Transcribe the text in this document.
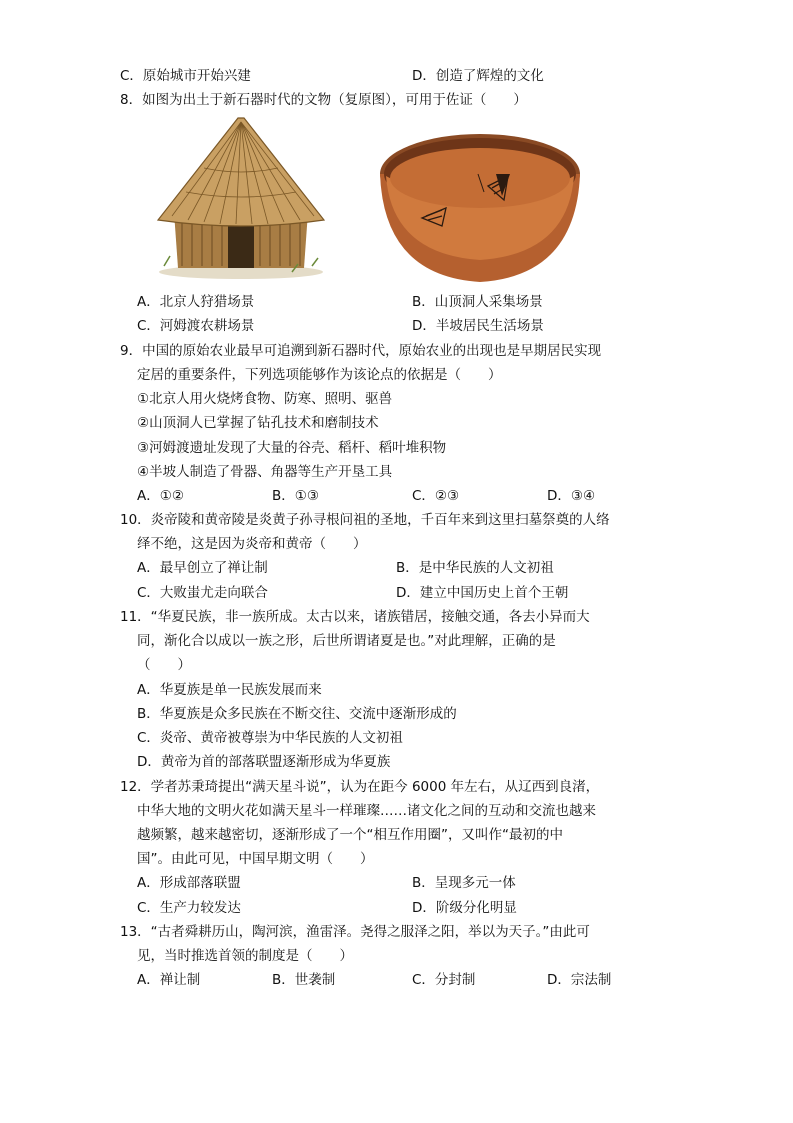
C．原始城市开始兴建	D．创造了辉煌的文化
8．如图为出土于新石器时代的文物（复原图），可用于佐证（　　）
A．北京人狩猎场景	B．山顶洞人采集场景
C．河姆渡农耕场景	D．半坡居民生活场景
9．中国的原始农业最早可追溯到新石器时代，原始农业的出现也是早期居民实现
定居的重要条件，下列选项能够作为该论点的依据是（　　）
①北京人用火烧烤食物、防寒、照明、驱兽
②山顶洞人已掌握了钻孔技术和磨制技术
③河姆渡遗址发现了大量的谷壳、稻杆、稻叶堆积物
④半坡人制造了骨器、角器等生产开垦工具
A．①②	B．①③	C．②③	D．③④
10．炎帝陵和黄帝陵是炎黄子孙寻根问祖的圣地，千百年来到这里扫墓祭奠的人络
绎不绝，这是因为炎帝和黄帝（　　）
A．最早创立了禅让制	B．是中华民族的人文初祖
C．大败蚩尤走向联合	D．建立中国历史上首个王朝
11．“华夏民族，非一族所成。太古以来，诸族错居，接触交通，各去小异而大
同，渐化合以成以一族之形，后世所谓诸夏是也。”对此理解，正确的是
（　　）
A．华夏族是单一民族发展而来
B．华夏族是众多民族在不断交往、交流中逐渐形成的
C．炎帝、黄帝被尊崇为中华民族的人文初祖
D．黄帝为首的部落联盟逐渐形成为华夏族
12．学者苏秉琦提出“满天星斗说”，认为在距今 6000 年左右，从辽西到良渚，
中华大地的文明火花如满天星斗一样璀璨……诸文化之间的互动和交流也越来
越频繁，越来越密切，逐渐形成了一个“相互作用圈”，又叫作“最初的中
国”。由此可见，中国早期文明（　　）
A．形成部落联盟	B．呈现多元一体
C．生产力较发达	D．阶级分化明显
13．“古者舜耕历山，陶河滨，渔雷泽。尧得之服泽之阳，举以为天子。”由此可
见，当时推选首领的制度是（　　）
A．禅让制	B．世袭制	C．分封制	D．宗法制
